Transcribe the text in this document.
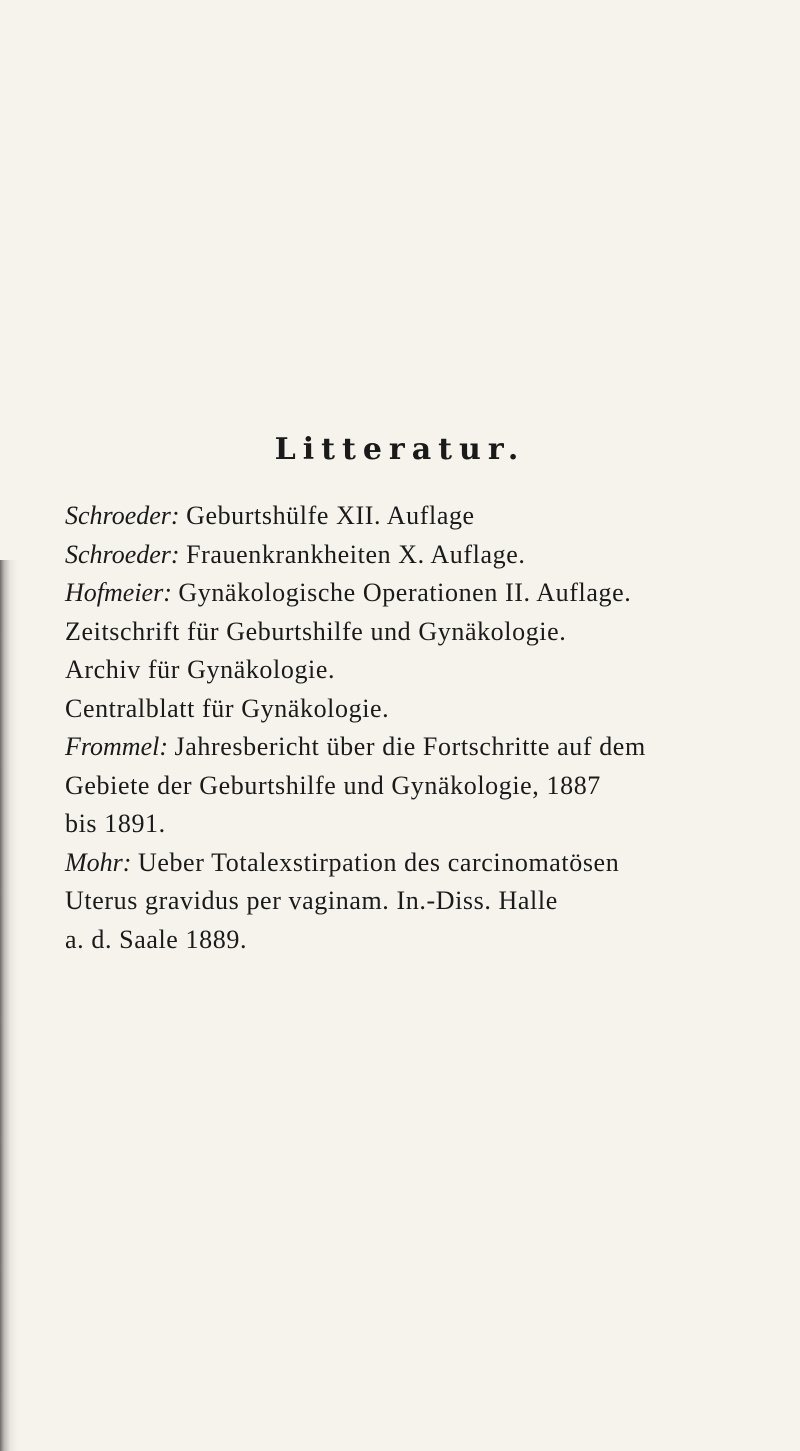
Litteratur.

Schroeder: Geburtshülfe XII. Auflage

Schroeder: Frauenkrankheiten X. Auflage.

Hofmeier: Gynäkologische Operationen II. Auflage.

Zeitschrift für Geburtshilfe und Gynäkologie.

Archiv für Gynäkologie.

Centralblatt für Gynäkologie.

Frommel: Jahresbericht über die Fortschritte auf dem
Gebiete der Geburtshilfe und Gynäkologie, 1887
bis 1891.

Mohr: Ueber Totalexstirpation des carcinomatösen
Uterus gravidus per vaginam. In.-Diss. Halle
a. d. Saale 1889.
